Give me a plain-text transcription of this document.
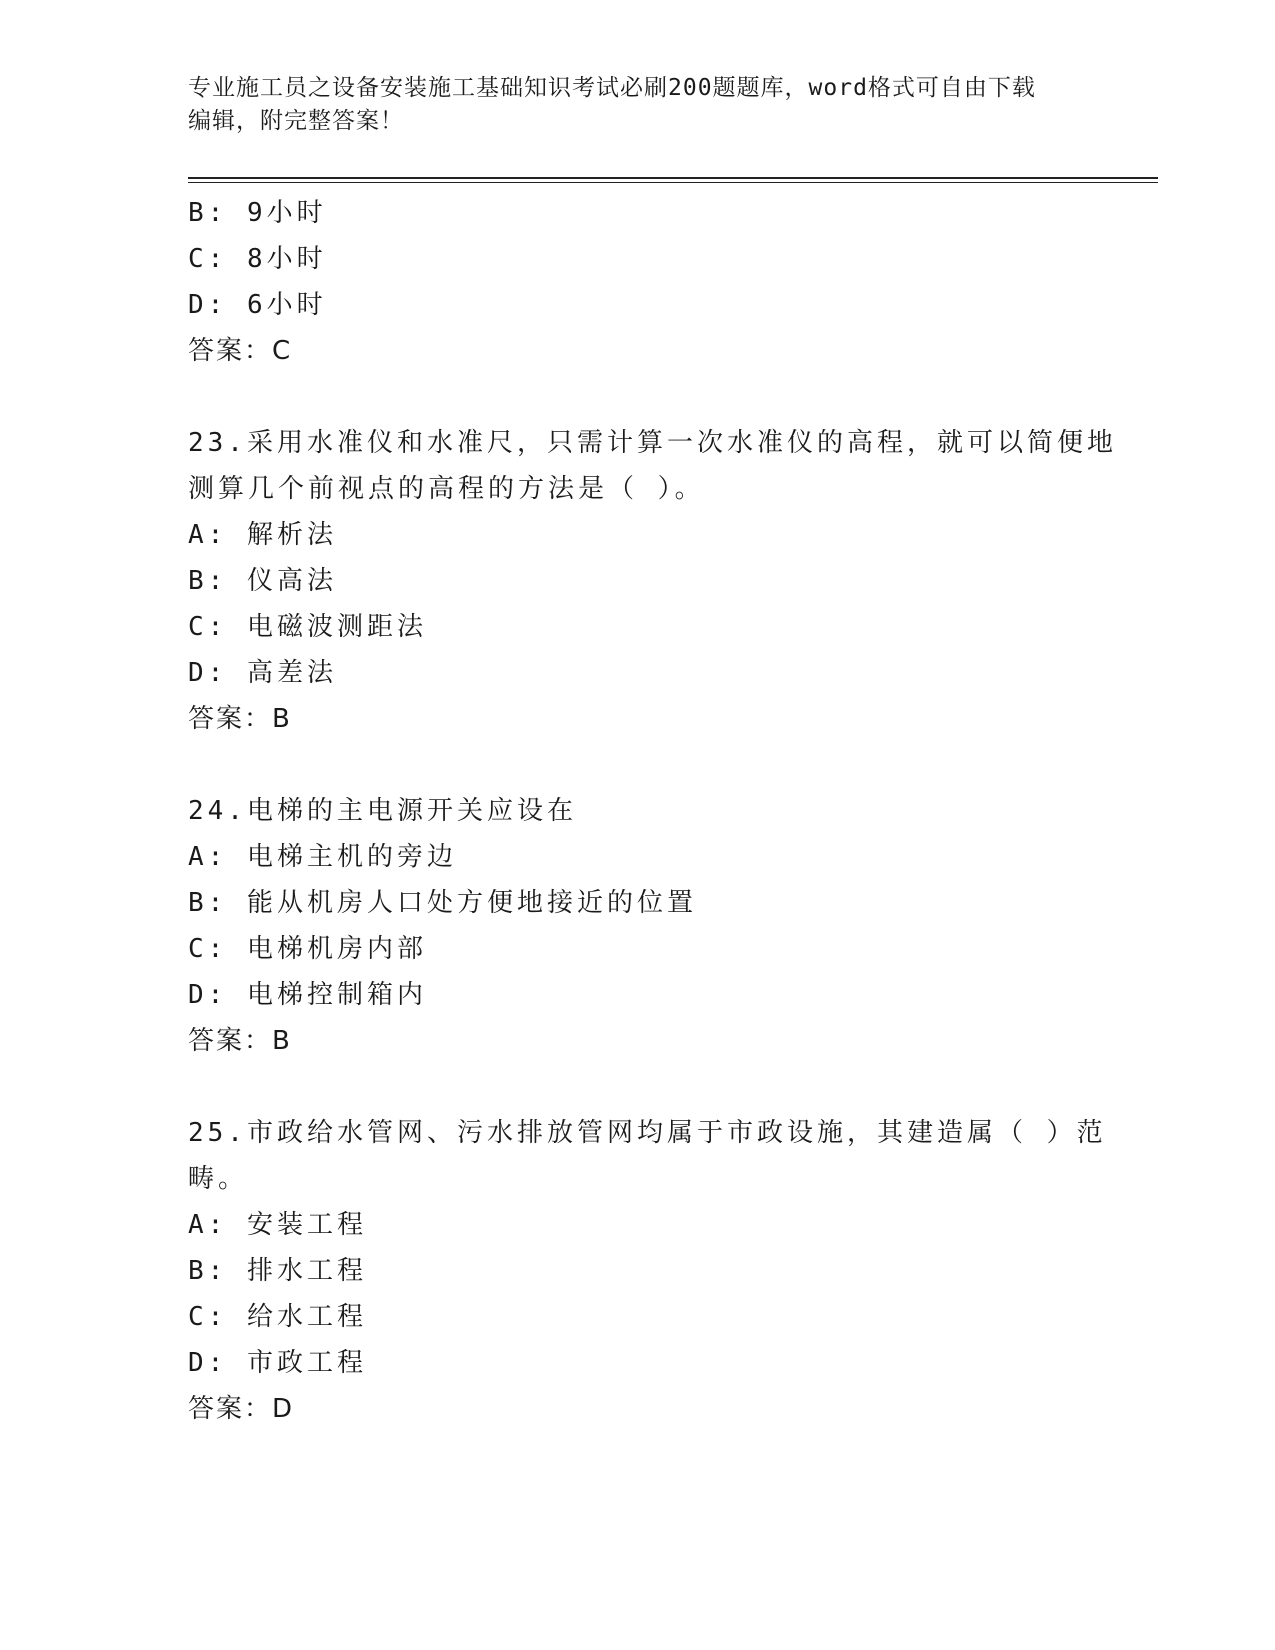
专业施工员之设备安装施工基础知识考试必刷200题题库，word格式可自由下载
编辑，附完整答案！
B: 9小时
C: 8小时
D: 6小时
答案：C
23.采用水准仪和水准尺，只需计算一次水准仪的高程，就可以简便地
测算几个前视点的高程的方法是（ ）。
A: 解析法
B: 仪高法
C: 电磁波测距法
D: 高差法
答案：B
24.电梯的主电源开关应设在
A: 电梯主机的旁边
B: 能从机房人口处方便地接近的位置
C: 电梯机房内部
D: 电梯控制箱内
答案：B
25.市政给水管网、污水排放管网均属于市政设施，其建造属（ ）范
畴。
A: 安装工程
B: 排水工程
C: 给水工程
D: 市政工程
答案：D
